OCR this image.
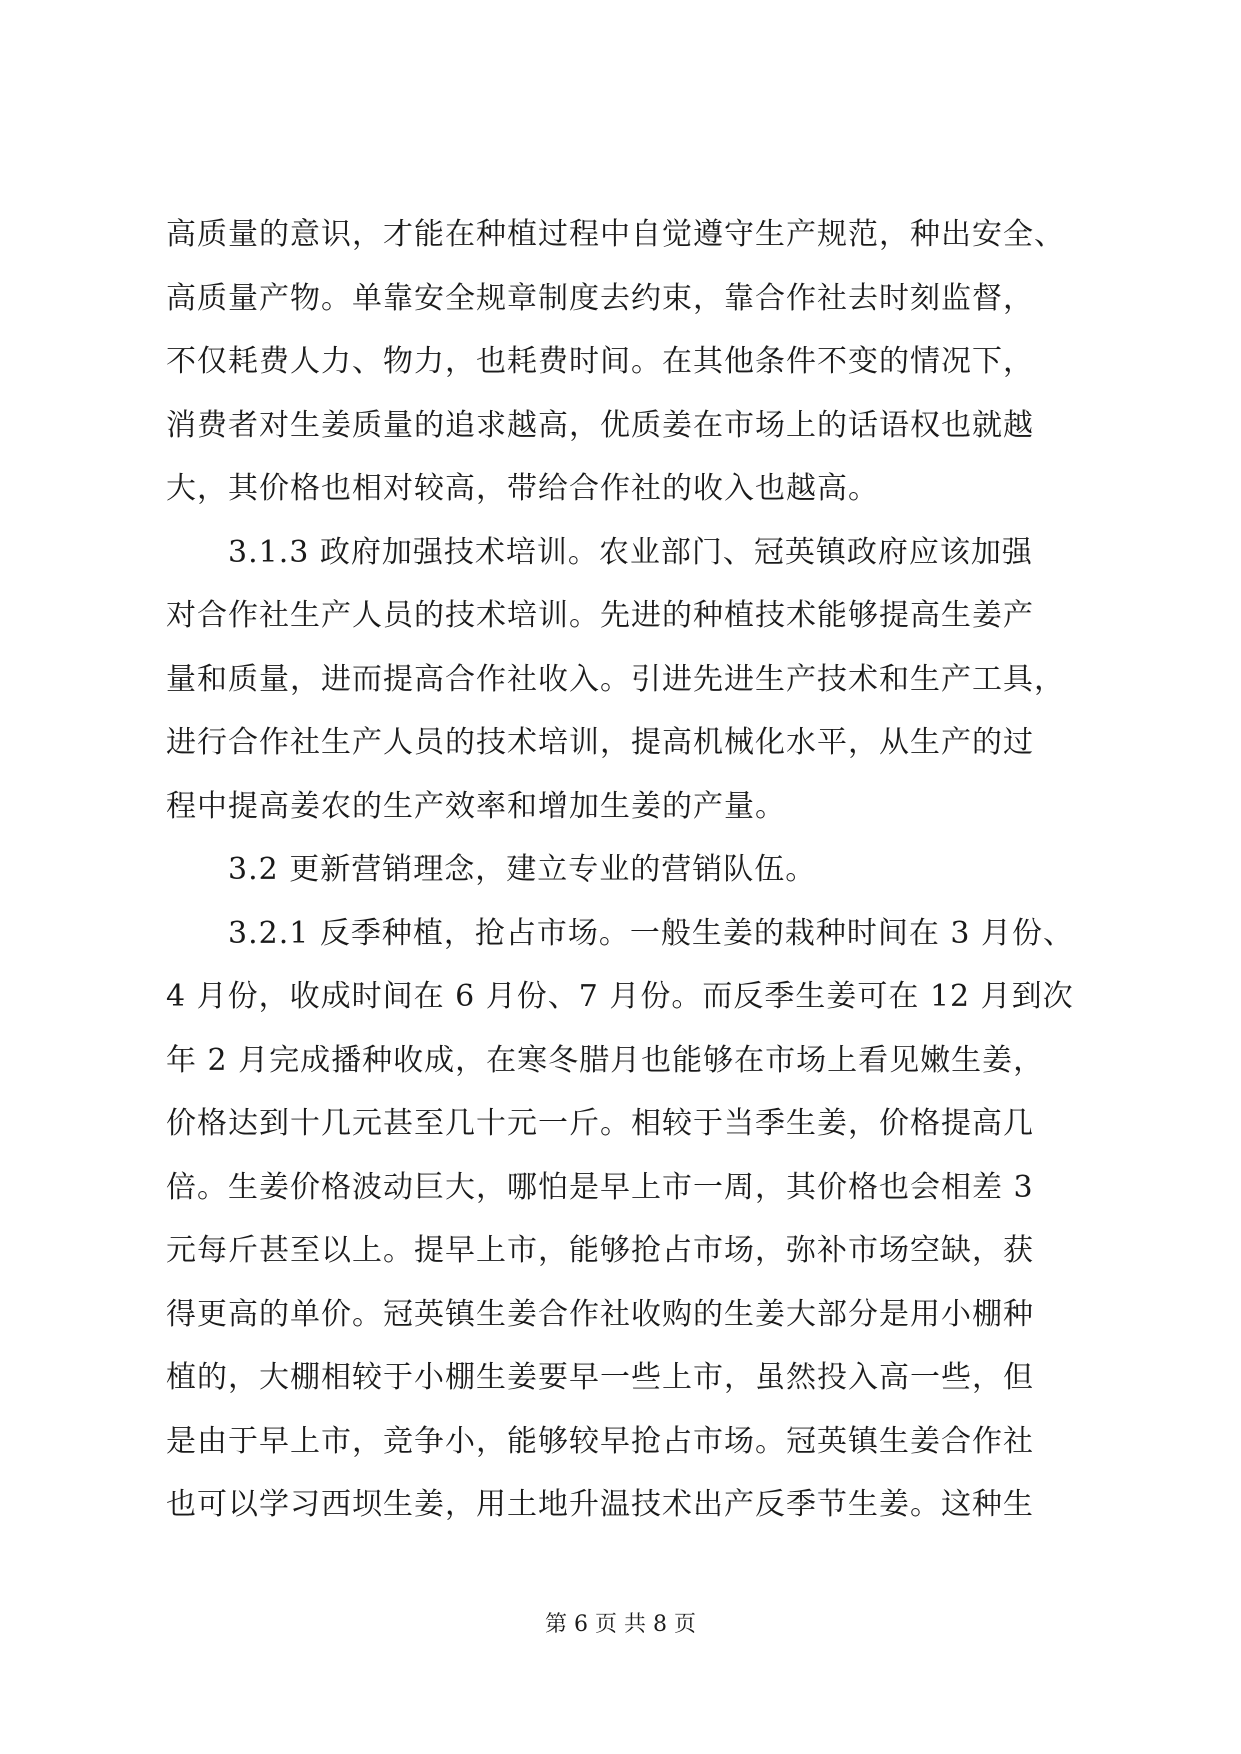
高质量的意识，才能在种植过程中自觉遵守生产规范，种出安全、
高质量产物。单靠安全规章制度去约束，靠合作社去时刻监督，
不仅耗费人力、物力，也耗费时间。在其他条件不变的情况下，
消费者对生姜质量的追求越高，优质姜在市场上的话语权也就越
大，其价格也相对较高，带给合作社的收入也越高。
3.1.3 政府加强技术培训。农业部门、冠英镇政府应该加强
对合作社生产人员的技术培训。先进的种植技术能够提高生姜产
量和质量，进而提高合作社收入。引进先进生产技术和生产工具，
进行合作社生产人员的技术培训，提高机械化水平，从生产的过
程中提高姜农的生产效率和增加生姜的产量。
3.2 更新营销理念，建立专业的营销队伍。
3.2.1 反季种植，抢占市场。一般生姜的栽种时间在 3 月份、
4 月份，收成时间在 6 月份、7 月份。而反季生姜可在 12 月到次
年 2 月完成播种收成，在寒冬腊月也能够在市场上看见嫩生姜，
价格达到十几元甚至几十元一斤。相较于当季生姜，价格提高几
倍。生姜价格波动巨大，哪怕是早上市一周，其价格也会相差 3
元每斤甚至以上。提早上市，能够抢占市场，弥补市场空缺，获
得更高的单价。冠英镇生姜合作社收购的生姜大部分是用小棚种
植的，大棚相较于小棚生姜要早一些上市，虽然投入高一些，但
是由于早上市，竞争小，能够较早抢占市场。冠英镇生姜合作社
也可以学习西坝生姜，用土地升温技术出产反季节生姜。这种生
第 6 页 共 8 页
